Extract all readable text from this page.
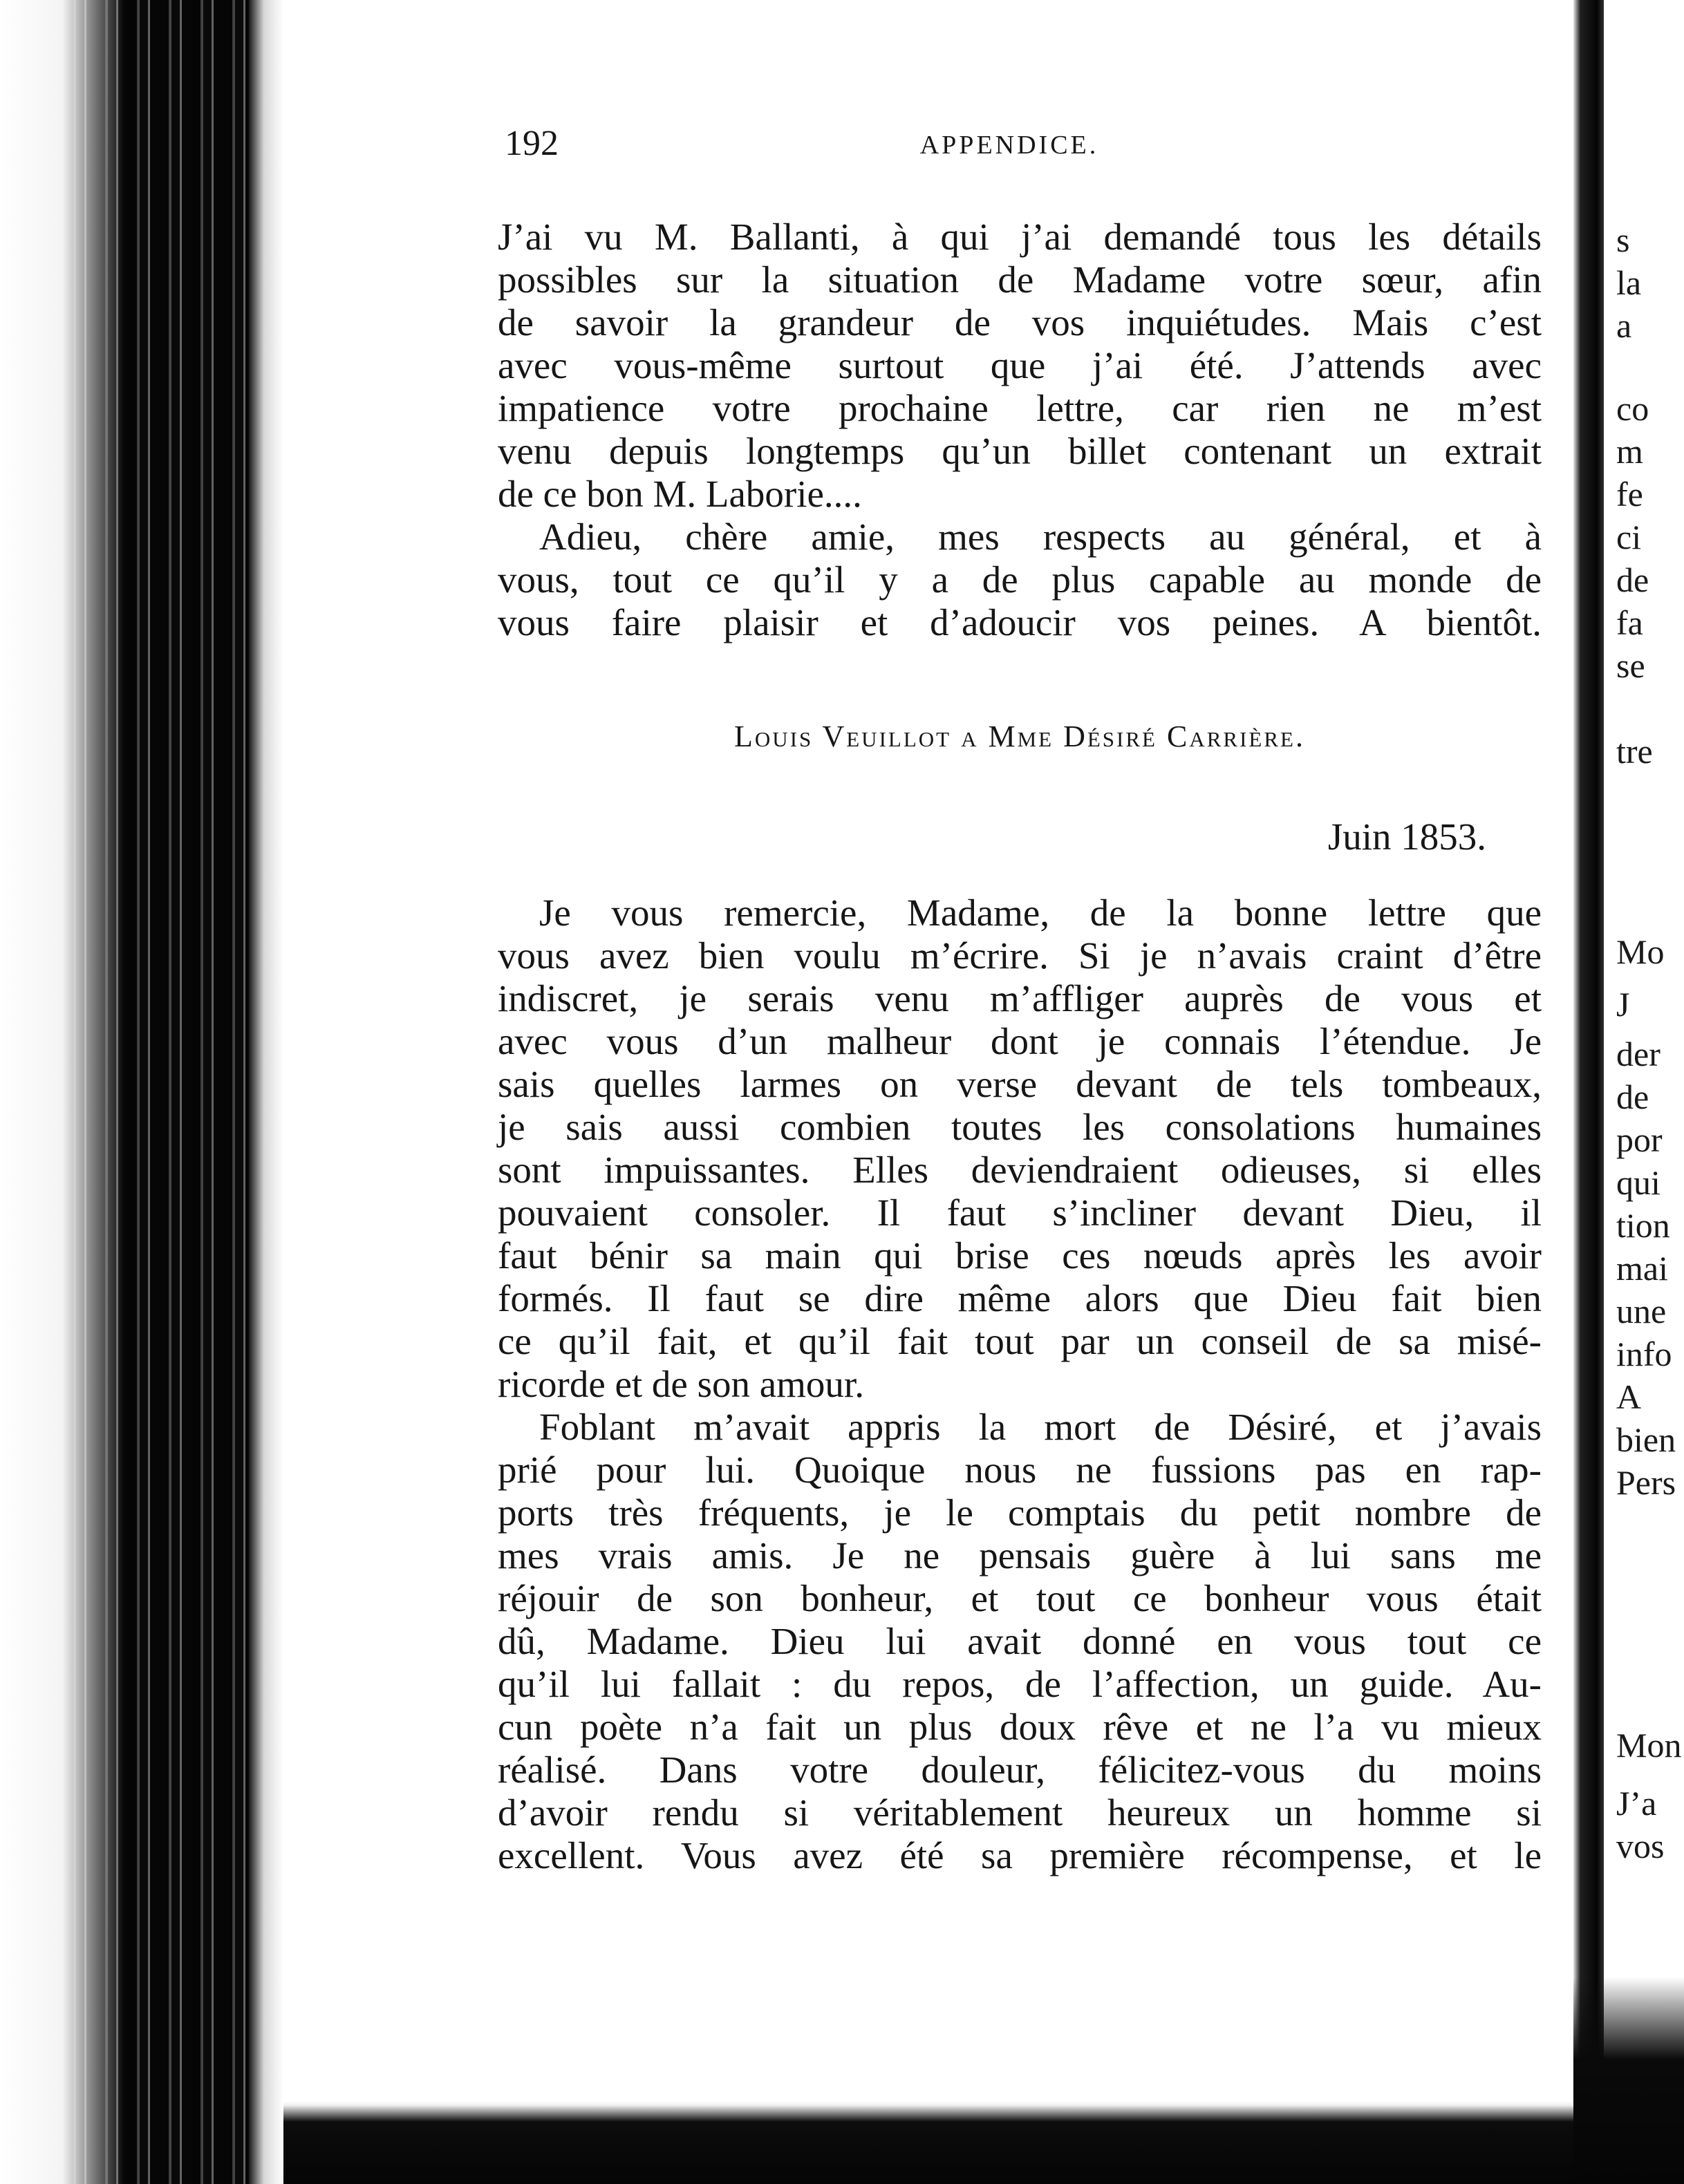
s
la
a
co
m
fe
ci
de
fa
se
tre
Mo
J
der
de
por
qui
tion
mai
une
info
A
bien
Pers
Mon
J’a
vos
192	APPENDICE.
J’ai vu M. Ballanti, à qui j’ai demandé tous les détails
possibles sur la situation de Madame votre sœur, afin
de savoir la grandeur de vos inquiétudes. Mais c’est
avec vous-même surtout que j’ai été. J’attends avec
impatience votre prochaine lettre, car rien ne m’est
venu depuis longtemps qu’un billet contenant un extrait
de ce bon M. Laborie....
Adieu, chère amie, mes respects au général, et à
vous, tout ce qu’il y a de plus capable au monde de
vous faire plaisir et d’adoucir vos peines. A bientôt.
Louis Veuillot a Mme Désiré Carrière.
Juin 1853.
Je vous remercie, Madame, de la bonne lettre que
vous avez bien voulu m’écrire. Si je n’avais craint d’être
indiscret, je serais venu m’affliger auprès de vous et
avec vous d’un malheur dont je connais l’étendue. Je
sais quelles larmes on verse devant de tels tombeaux,
je sais aussi combien toutes les consolations humaines
sont impuissantes. Elles deviendraient odieuses, si elles
pouvaient consoler. Il faut s’incliner devant Dieu, il
faut bénir sa main qui brise ces nœuds après les avoir
formés. Il faut se dire même alors que Dieu fait bien
ce qu’il fait, et qu’il fait tout par un conseil de sa misé-
ricorde et de son amour.
Foblant m’avait appris la mort de Désiré, et j’avais
prié pour lui. Quoique nous ne fussions pas en rap-
ports très fréquents, je le comptais du petit nombre de
mes vrais amis. Je ne pensais guère à lui sans me
réjouir de son bonheur, et tout ce bonheur vous était
dû, Madame. Dieu lui avait donné en vous tout ce
qu’il lui fallait : du repos, de l’affection, un guide. Au-
cun poète n’a fait un plus doux rêve et ne l’a vu mieux
réalisé. Dans votre douleur, félicitez-vous du moins
d’avoir rendu si véritablement heureux un homme si
excellent. Vous avez été sa première récompense, et le
